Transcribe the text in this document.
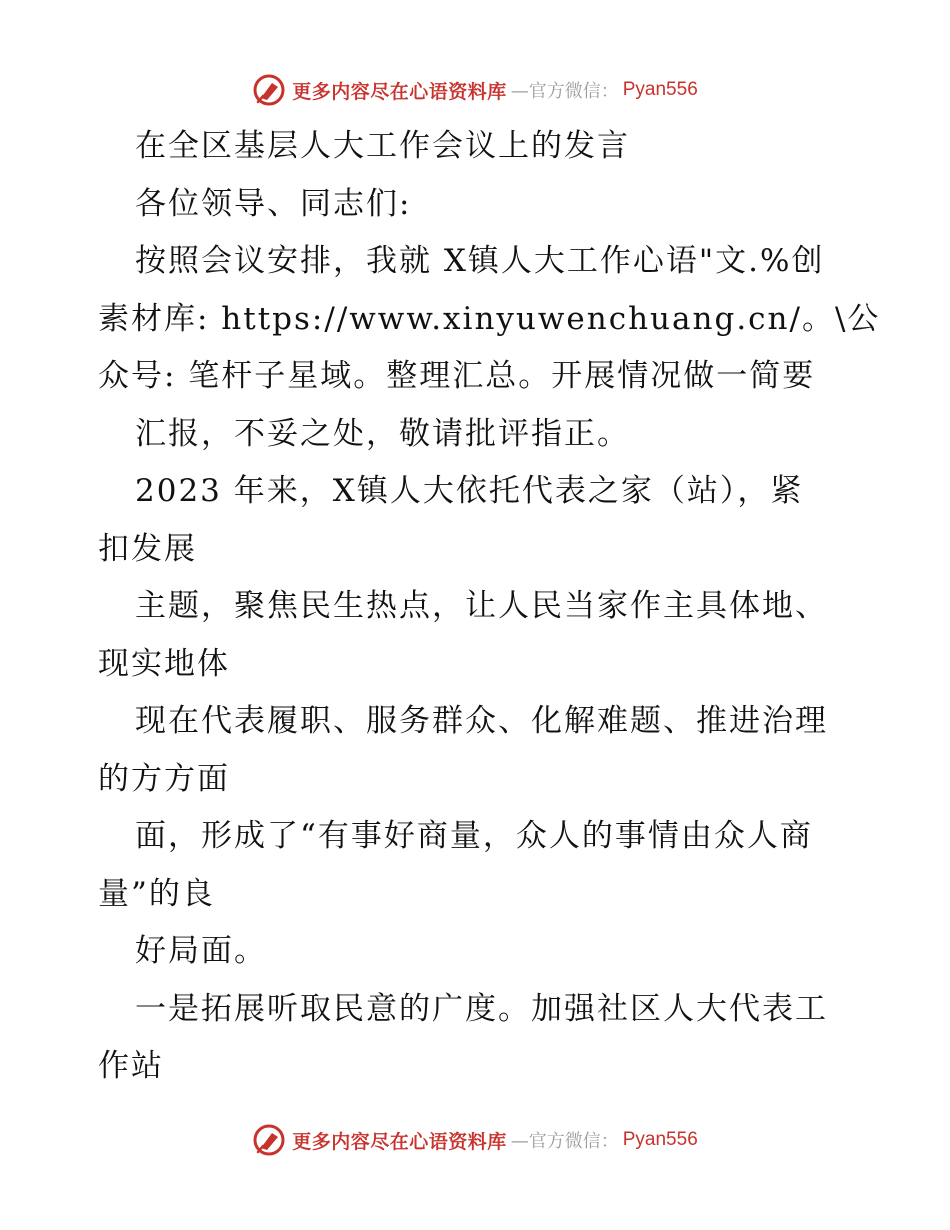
更多内容尽在心语资料库 —官方微信： Pyan556
在全区基层人大工作会议上的发言
各位领导、同志们:
按照会议安排，我就 X镇人大工作心语"文.%创
素材库: https://www.xinyuwenchuang.cn/。\公
众号: 笔杆子星域。整理汇总。开展情况做一简要
汇报，不妥之处，敬请批评指正。
2023 年来，X镇人大依托代表之家（站），紧
扣发展
主题，聚焦民生热点，让人民当家作主具体地、
现实地体
现在代表履职、服务群众、化解难题、推进治理
的方方面
面，形成了“有事好商量，众人的事情由众人商
量”的良
好局面。
一是拓展听取民意的广度。加强社区人大代表工
作站
更多内容尽在心语资料库 —官方微信： Pyan556
